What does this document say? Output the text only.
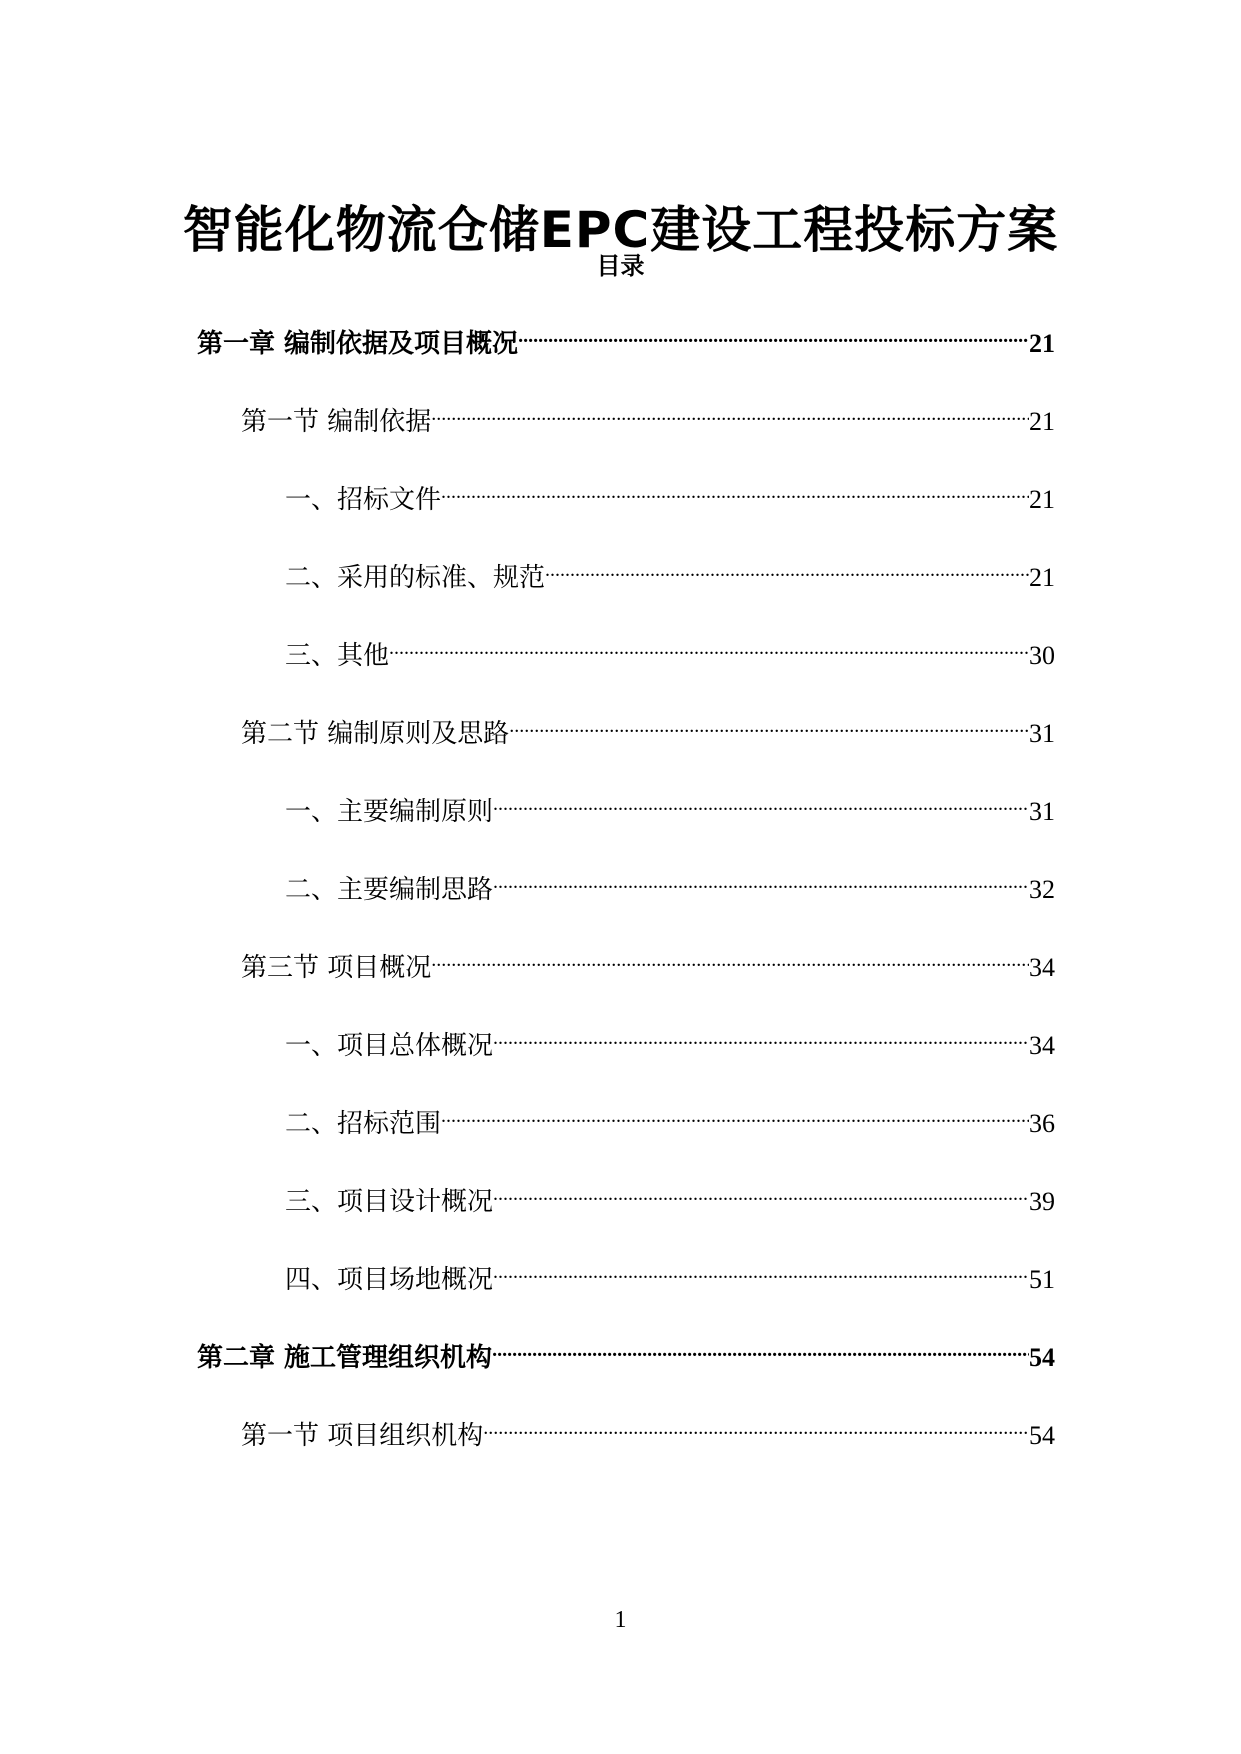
智能化物流仓储EPC建设工程投标方案
目录
第一章 编制依据及项目概况 .....	21
第一节 编制依据 .....	21
一、招标文件 .....	21
二、采用的标准、规范 .....	21
三、其他 .....	30
第二节 编制原则及思路 .....	31
一、主要编制原则 .....	31
二、主要编制思路 .....	32
第三节 项目概况 .....	34
一、项目总体概况 .....	34
二、招标范围 .....	36
三、项目设计概况 .....	39
四、项目场地概况 .....	51
第二章 施工管理组织机构 .....	54
第一节 项目组织机构 .....	54
1
